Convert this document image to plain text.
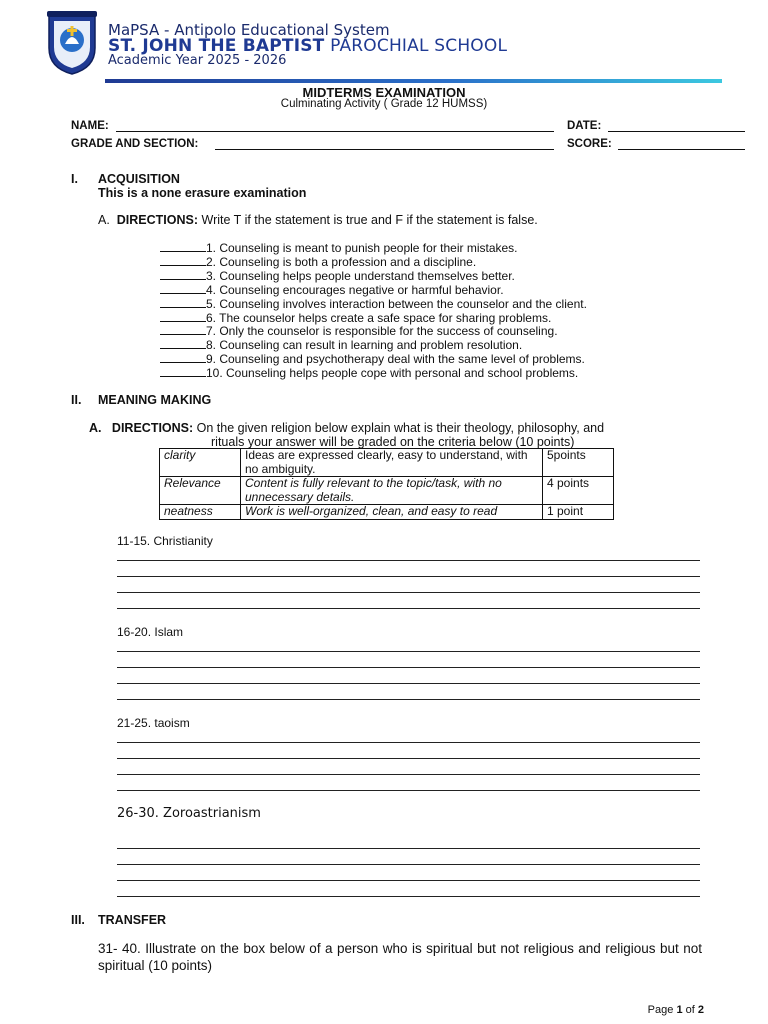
MaPSA - Antipolo Educational System
ST. JOHN THE BAPTIST PAROCHIAL SCHOOL
Academic Year 2025 - 2026
MIDTERMS EXAMINATION
Culminating Activity ( Grade 12 HUMSS)
NAME:	DATE:
GRADE AND SECTION:	SCORE:
I. ACQUISITION
This is a none erasure examination
A. DIRECTIONS: Write T if the statement is true and F if the statement is false.
1. Counseling is meant to punish people for their mistakes.
2. Counseling is both a profession and a discipline.
3. Counseling helps people understand themselves better.
4. Counseling encourages negative or harmful behavior.
5. Counseling involves interaction between the counselor and the client.
6. The counselor helps create a safe space for sharing problems.
7. Only the counselor is responsible for the success of counseling.
8. Counseling can result in learning and problem resolution.
9. Counseling and psychotherapy deal with the same level of problems.
10. Counseling helps people cope with personal and school problems.
II. MEANING MAKING
A. DIRECTIONS: On the given religion below explain what is their theology, philosophy, and
rituals your answer will be graded on the criteria below (10 points)
clarity	Ideas are expressed clearly, easy to understand, with no ambiguity.	5points
Relevance	Content is fully relevant to the topic/task, with no unnecessary details.	4 points
neatness	Work is well-organized, clean, and easy to read	1 point
11-15. Christianity
16-20. Islam
21-25. taoism
26-30. Zoroastrianism
III. TRANSFER
31- 40. Illustrate on the box below of a person who is spiritual but not religious and religious but not spiritual (10 points)
Page 1 of 2
